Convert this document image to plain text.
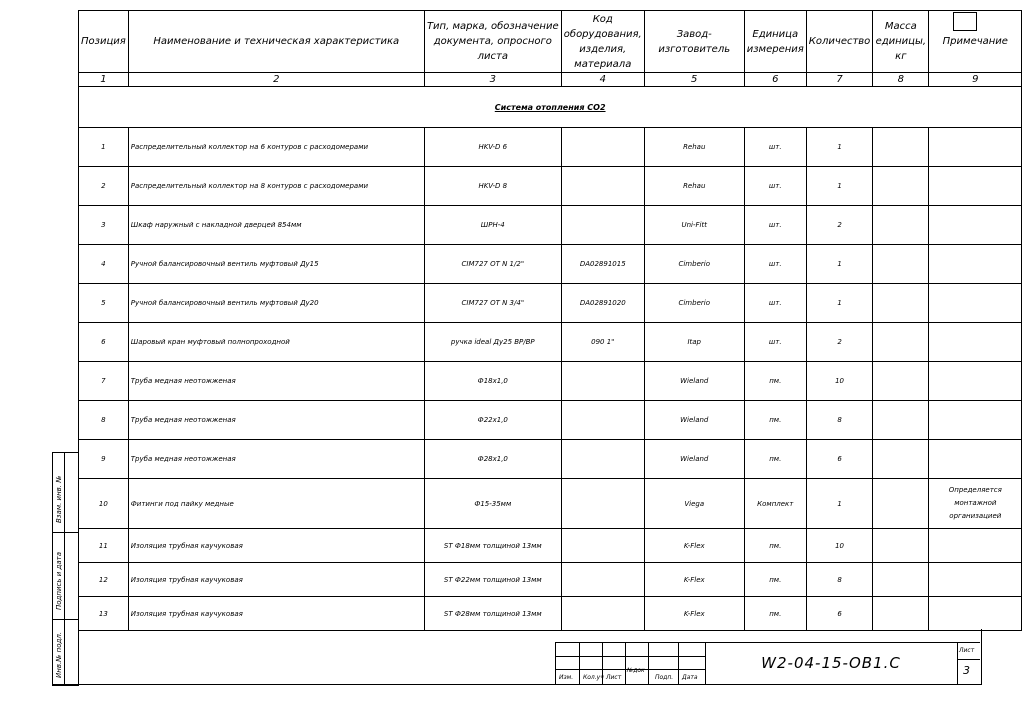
Позиция	Наименование и техническая характеристика	Тип, марка, обозначение документа, опросного листа	Код оборудования, изделия, материала	Завод-изготовитель	Единица измерения	Количество	Масса единицы, кг	Примечание
1	2	3	4	5	6	7	8	9
Система отопления СО2								
1	Распределительный коллектор на 6 контуров с расходомерами	HKV-D 6		Rehau	шт.	1		
2	Распределительный коллектор на 8 контуров с расходомерами	HKV-D 8		Rehau	шт.	1		
3	Шкаф наружный с накладной дверцей 854мм	ШРН-4		Uni-Fitt	шт.	2		
4	Ручной балансировочный вентиль муфтовый Ду15	CIM727 OT N 1/2"	DA02891015	Cimberio	шт.	1		
5	Ручной балансировочный вентиль муфтовый Ду20	CIM727 OT N 3/4"	DA02891020	Cimberio	шт.	1		
6	Шаровый кран муфтовый полнопроходной	ручка ideal Ду25 ВР/ВР	090 1"	Itap	шт.	2		
7	Труба медная неотожженая	Ф18х1,0		Wieland	пм.	10		
8	Труба медная неотожженая	Ф22х1,0		Wieland	пм.	8		
9	Труба медная неотожженая	Ф28х1,0		Wieland	пм.	6		
10	Фитинги под пайку медные	Ф15-35мм		Viega	Комплект	1		Определяется монтажной организацией
11	Изоляция трубная каучуковая	ST Ф18мм толщиной 13мм		K-Flex	пм.	10		
12	Изоляция трубная каучуковая	ST Ф22мм толщиной 13мм		K-Flex	пм.	8		
13	Изоляция трубная каучуковая	ST Ф28мм толщиной 13мм		K-Flex	пм.	6		
Взам. инв. №
Подпись и дата
Инв.№ подл.	Изм. Кол.уч Лист
№док
Подп. Дата
W2-04-15-OB1.C
Лист
3
